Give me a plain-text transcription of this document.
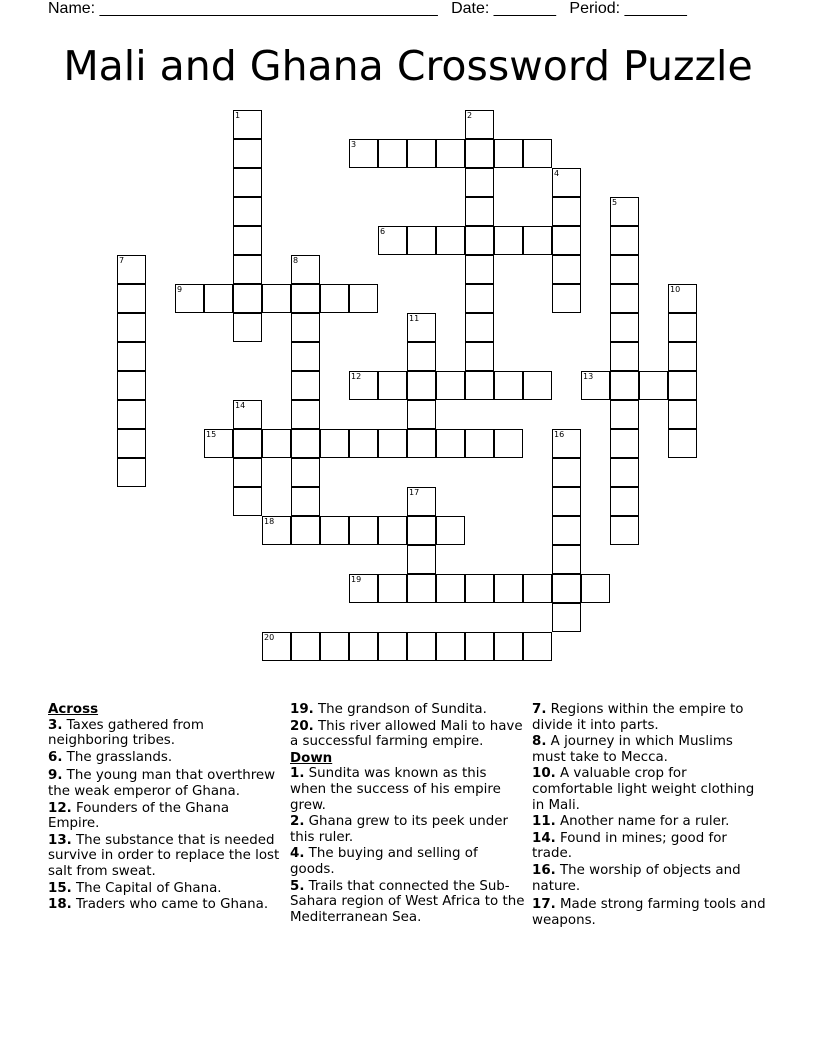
Name: ______________________________________ Date: _______ Period: _______
Mali and Ghana Crossword Puzzle
1	2
3
4
5
6
7	8
9	10
11
12	13
14
15	16
17
18
19
20
Across
3. Taxes gathered from neighboring tribes.
6. The grasslands.
9. The young man that overthrew the weak emperor of Ghana.
12. Founders of the Ghana Empire.
13. The substance that is needed survive in order to replace the lost salt from sweat.
15. The Capital of Ghana.
18. Traders who came to Ghana.
19. The grandson of Sundita.
20. This river allowed Mali to have a successful farming empire.
Down
1. Sundita was known as this when the success of his empire grew.
2. Ghana grew to its peek under this ruler.
4. The buying and selling of goods.
5. Trails that connected the Sub-Sahara region of West Africa to the Mediterranean Sea.
7. Regions within the empire to divide it into parts.
8. A journey in which Muslims must take to Mecca.
10. A valuable crop for comfortable light weight clothing in Mali.
11. Another name for a ruler.
14. Found in mines; good for trade.
16. The worship of objects and nature.
17. Made strong farming tools and weapons.
